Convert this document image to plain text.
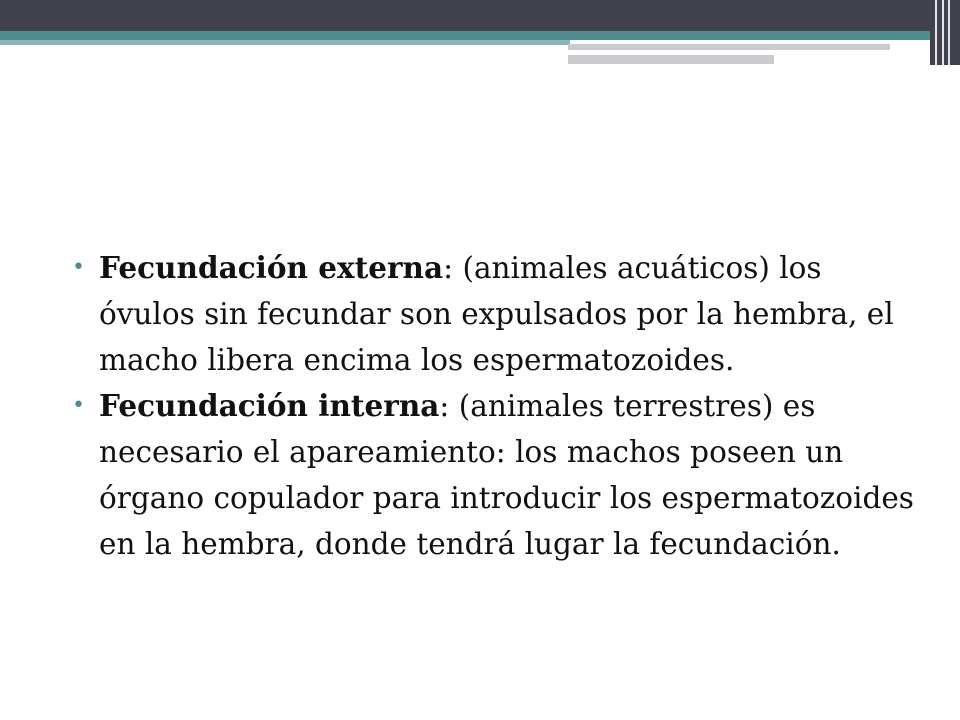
• Fecundación externa: (animales acuáticos) los óvulos sin fecundar son expulsados por la hembra, el macho libera encima los espermatozoides.
• Fecundación interna: (animales terrestres) es necesario el apareamiento: los machos poseen un órgano copulador para introducir los espermatozoides en la hembra, donde tendrá lugar la fecundación.
